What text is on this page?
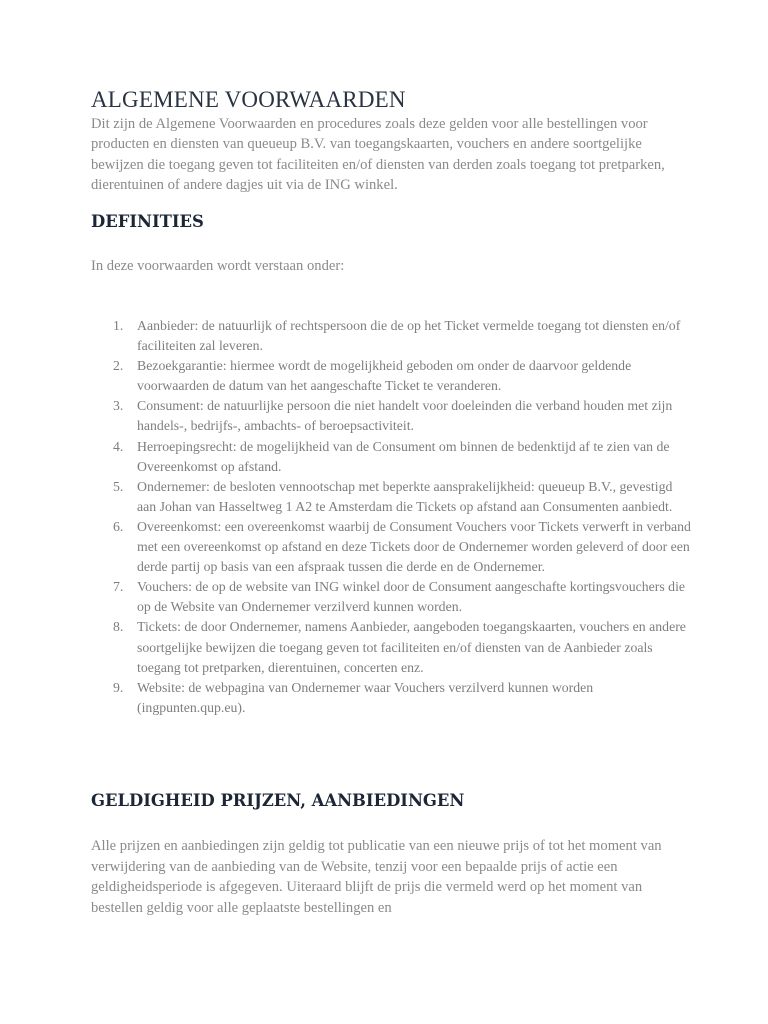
ALGEMENE VOORWAARDEN

Dit zijn de Algemene Voorwaarden en procedures zoals deze gelden voor alle bestellingen voor producten en diensten van queueup B.V. van toegangskaarten, vouchers en andere soortgelijke bewijzen die toegang geven tot faciliteiten en/of diensten van derden zoals toegang tot pretparken, dierentuinen of andere dagjes uit via de ING winkel.

DEFINITIES

In deze voorwaarden wordt verstaan onder:

1. Aanbieder: de natuurlijk of rechtspersoon die de op het Ticket vermelde toegang tot diensten en/of faciliteiten zal leveren.
2. Bezoekgarantie: hiermee wordt de mogelijkheid geboden om onder de daarvoor geldende voorwaarden de datum van het aangeschafte Ticket te veranderen.
3. Consument: de natuurlijke persoon die niet handelt voor doeleinden die verband houden met zijn handels-, bedrijfs-, ambachts- of beroepsactiviteit.
4. Herroepingsrecht: de mogelijkheid van de Consument om binnen de bedenktijd af te zien van de Overeenkomst op afstand.
5. Ondernemer: de besloten vennootschap met beperkte aansprakelijkheid: queueup B.V., gevestigd aan Johan van Hasseltweg 1 A2 te Amsterdam die Tickets op afstand aan Consumenten aanbiedt.
6. Overeenkomst: een overeenkomst waarbij de Consument Vouchers voor Tickets verwerft in verband met een overeenkomst op afstand en deze Tickets door de Ondernemer worden geleverd of door een derde partij op basis van een afspraak tussen die derde en de Ondernemer.
7. Vouchers: de op de website van ING winkel door de Consument aangeschafte kortingsvouchers die op de Website van Ondernemer verzilverd kunnen worden.
8. Tickets: de door Ondernemer, namens Aanbieder, aangeboden toegangskaarten, vouchers en andere soortgelijke bewijzen die toegang geven tot faciliteiten en/of diensten van de Aanbieder zoals toegang tot pretparken, dierentuinen, concerten enz.
9. Website: de webpagina van Ondernemer waar Vouchers verzilverd kunnen worden (ingpunten.qup.eu).
GELDIGHEID PRIJZEN, AANBIEDINGEN

Alle prijzen en aanbiedingen zijn geldig tot publicatie van een nieuwe prijs of tot het moment van verwijdering van de aanbieding van de Website, tenzij voor een bepaalde prijs of actie een geldigheidsperiode is afgegeven. Uiteraard blijft de prijs die vermeld werd op het moment van bestellen geldig voor alle geplaatste bestellingen en
